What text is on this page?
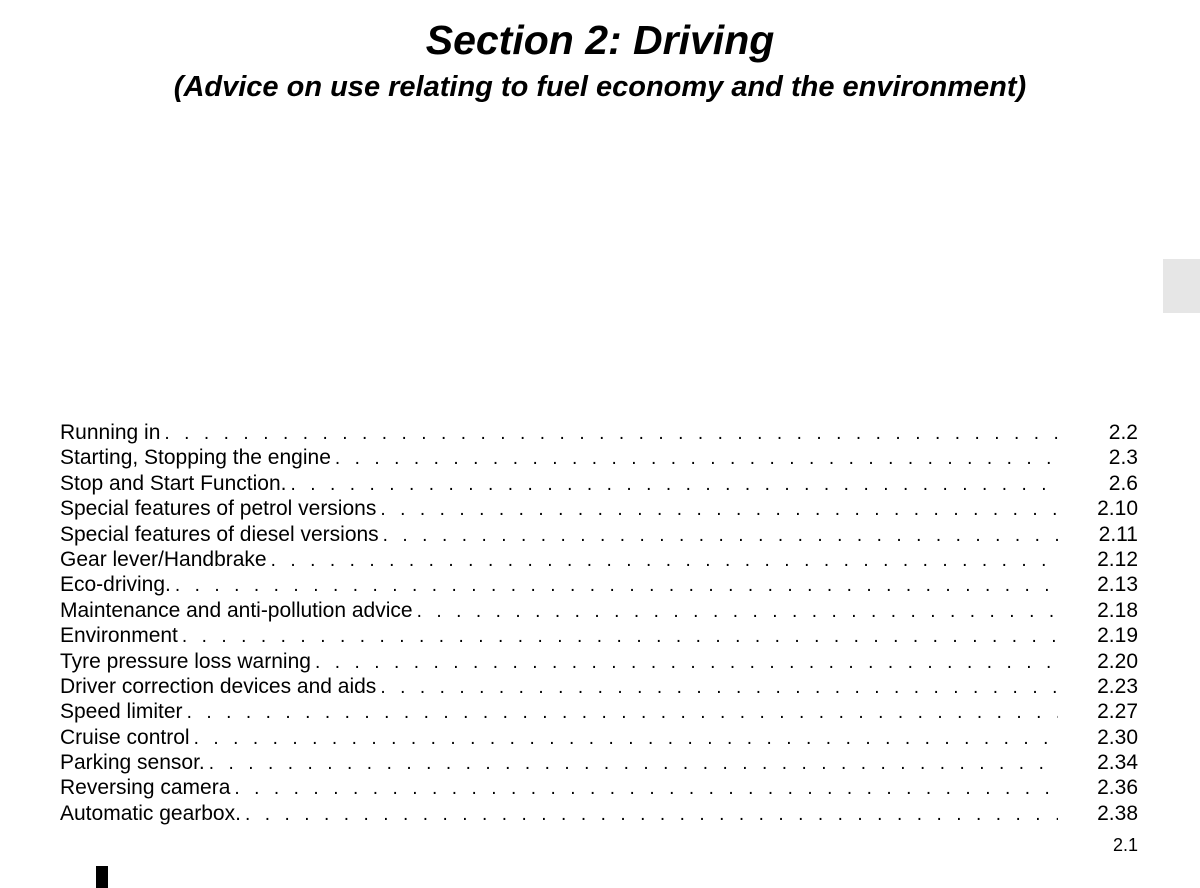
Section 2: Driving
(Advice on use relating to fuel economy and the environment)
Running in . . .	2.2
Starting, Stopping the engine . . .	2.3
Stop and Start Function. . . .	2.6
Special features of petrol versions . . .	2.10
Special features of diesel versions . . .	2.11
Gear lever/Handbrake . . .	2.12
Eco-driving. . . .	2.13
Maintenance and anti-pollution advice . . .	2.18
Environment . . .	2.19
Tyre pressure loss warning . . .	2.20
Driver correction devices and aids . . .	2.23
Speed limiter . . .	2.27
Cruise control . . .	2.30
Parking sensor. . . .	2.34
Reversing camera . . .	2.36
Automatic gearbox. . . .	2.38
2.1
